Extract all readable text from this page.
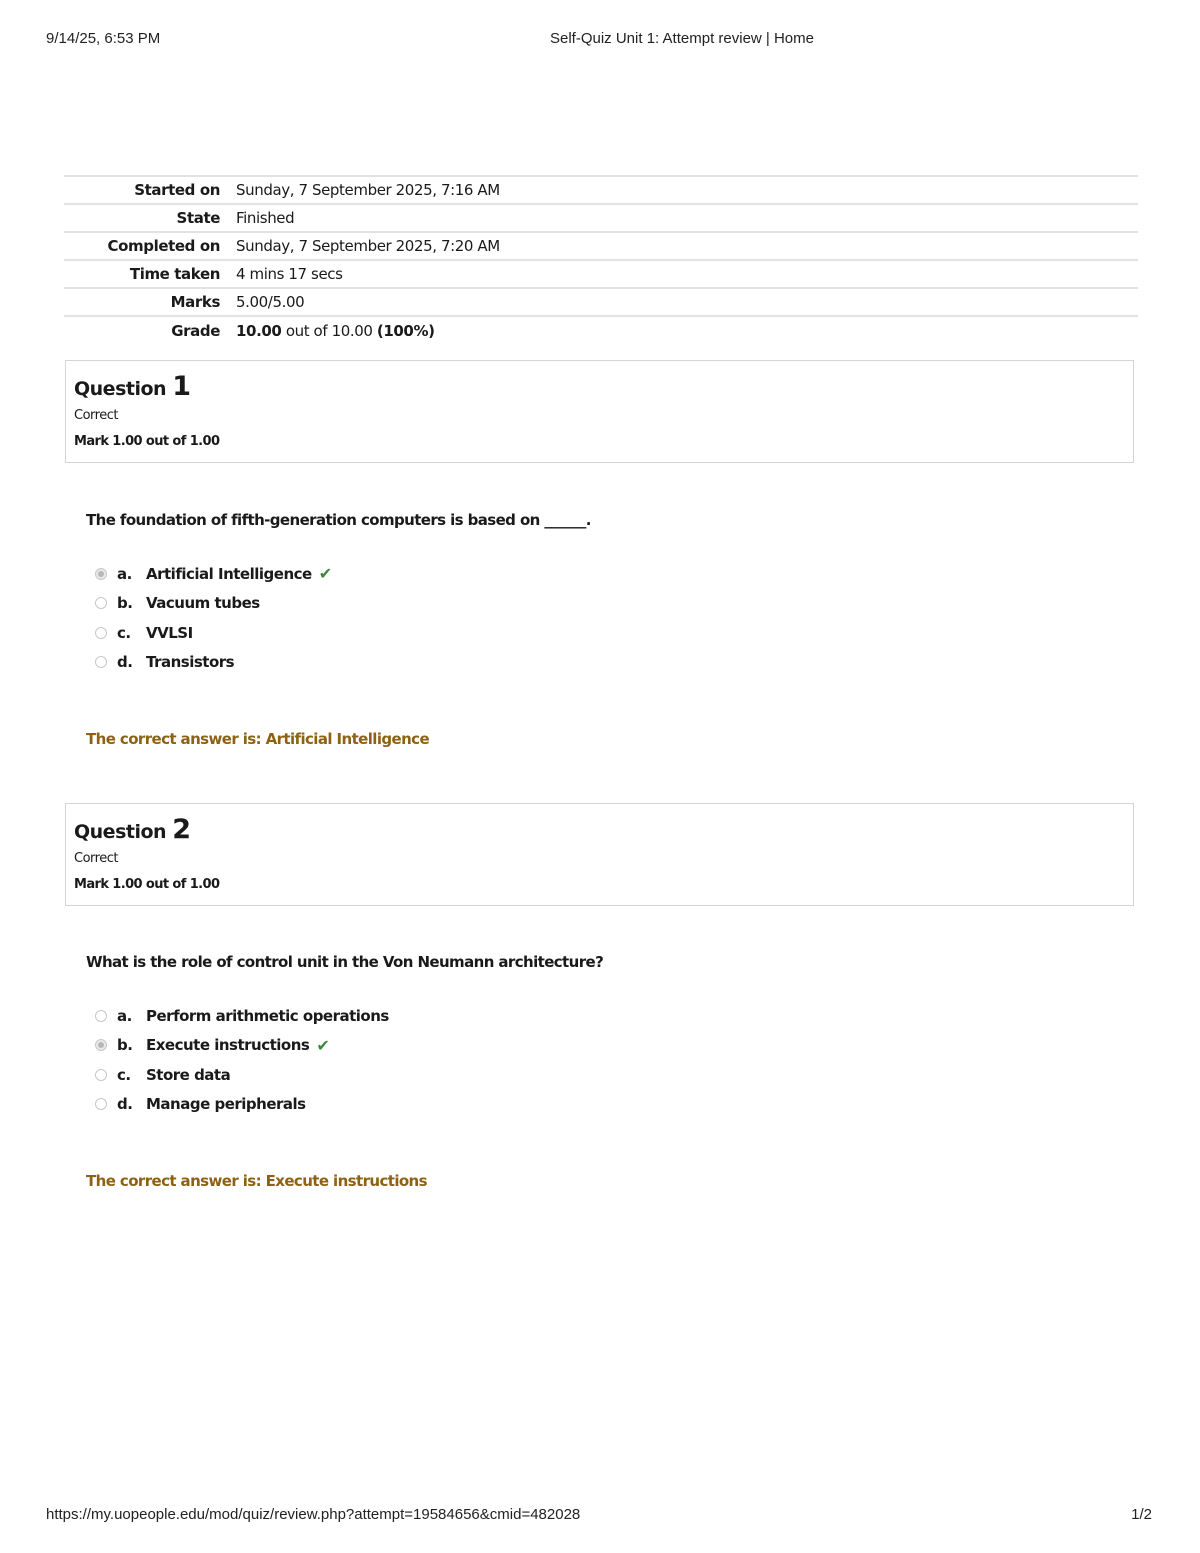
9/14/25, 6:53 PM	Self-Quiz Unit 1: Attempt review | Home
Started on	Sunday, 7 September 2025, 7:16 AM
State	Finished
Completed on	Sunday, 7 September 2025, 7:20 AM
Time taken	4 mins 17 secs
Marks	5.00/5.00
Grade	10.00 out of 10.00 (100%)
Question 1
Correct
Mark 1.00 out of 1.00
The foundation of fifth-generation computers is based on ______.
a. Artificial Intelligence ✔
b. Vacuum tubes
c.	VVLSI
d. Transistors
The correct answer is: Artificial Intelligence
Question 2
Correct
Mark 1.00 out of 1.00
What is the role of control unit in the Von Neumann architecture?
a. Perform arithmetic operations
b. Execute instructions ✔
c.	Store data
d. Manage peripherals
The correct answer is: Execute instructions
https://my.uopeople.edu/mod/quiz/review.php?attempt=19584656&cmid=482028	1/2
